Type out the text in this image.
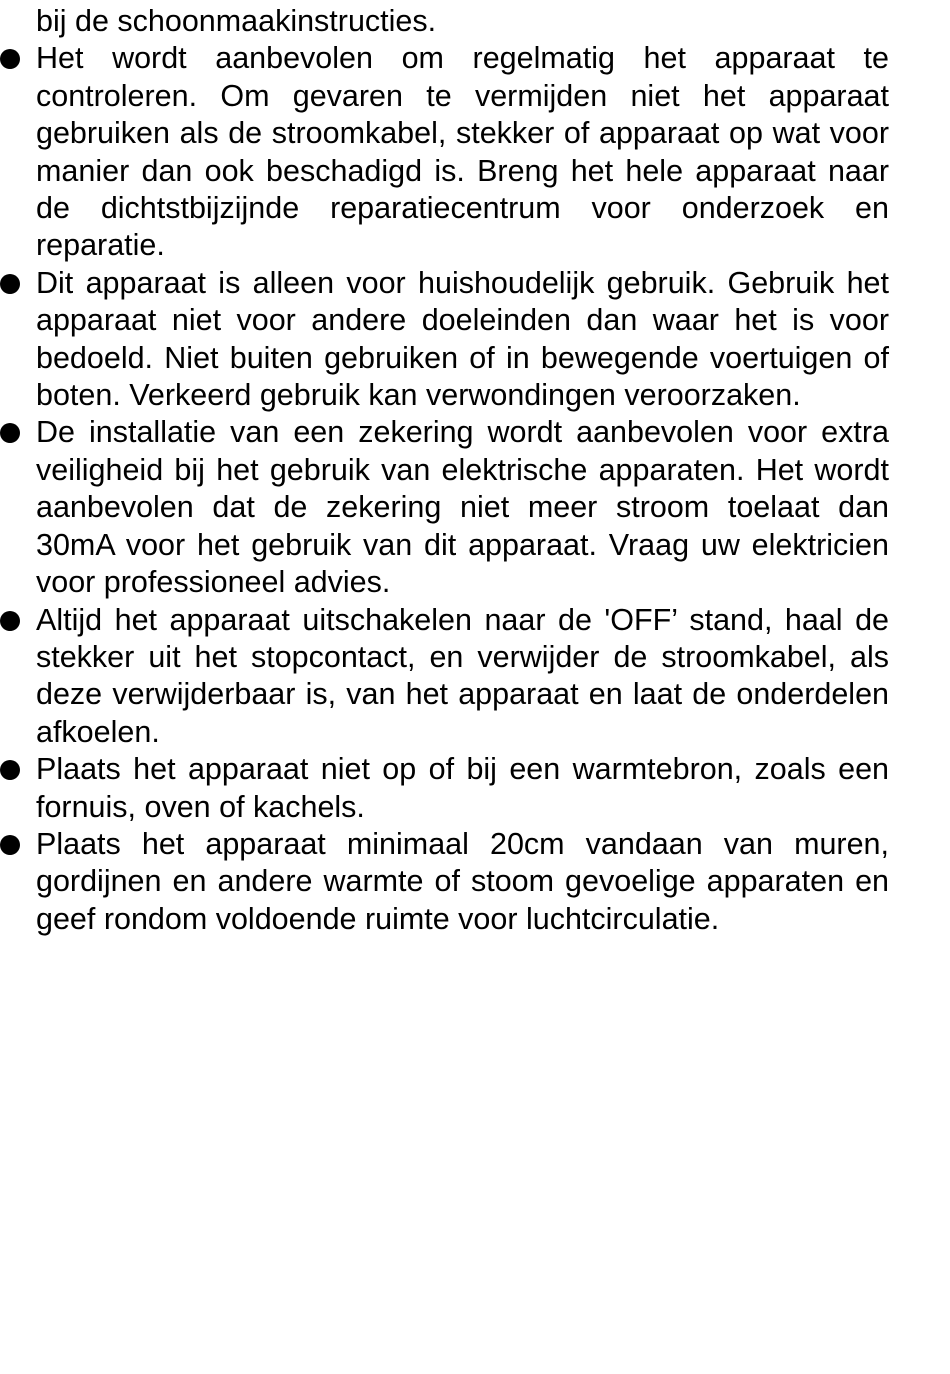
bij de schoonmaakinstructies.

Het wordt aanbevolen om regelmatig het apparaat te controleren. Om gevaren te vermijden niet het apparaat gebruiken als de stroomkabel, stekker of apparaat op wat voor manier dan ook beschadigd is. Breng het hele apparaat naar de dichtstbijzijnde reparatiecentrum voor onderzoek en reparatie.
Dit apparaat is alleen voor huishoudelijk gebruik. Gebruik het apparaat niet voor andere doeleinden dan waar het is voor bedoeld. Niet buiten gebruiken of in bewegende voertuigen of boten. Verkeerd gebruik kan verwondingen veroorzaken.
De installatie van een zekering wordt aanbevolen voor extra veiligheid bij het gebruik van elektrische apparaten. Het wordt aanbevolen dat de zekering niet meer stroom toelaat dan 30mA voor het gebruik van dit apparaat. Vraag uw elektricien voor professioneel advies.
Altijd het apparaat uitschakelen naar de 'OFF’ stand, haal de stekker uit het stopcontact, en verwijder de stroomkabel, als deze verwijderbaar is, van het apparaat en laat de onderdelen afkoelen.
Plaats het apparaat niet op of bij een warmtebron, zoals een fornuis, oven of kachels.
Plaats het apparaat minimaal 20cm vandaan van muren, gordijnen en andere warmte of stoom gevoelige apparaten en geef rondom voldoende ruimte voor luchtcirculatie.
